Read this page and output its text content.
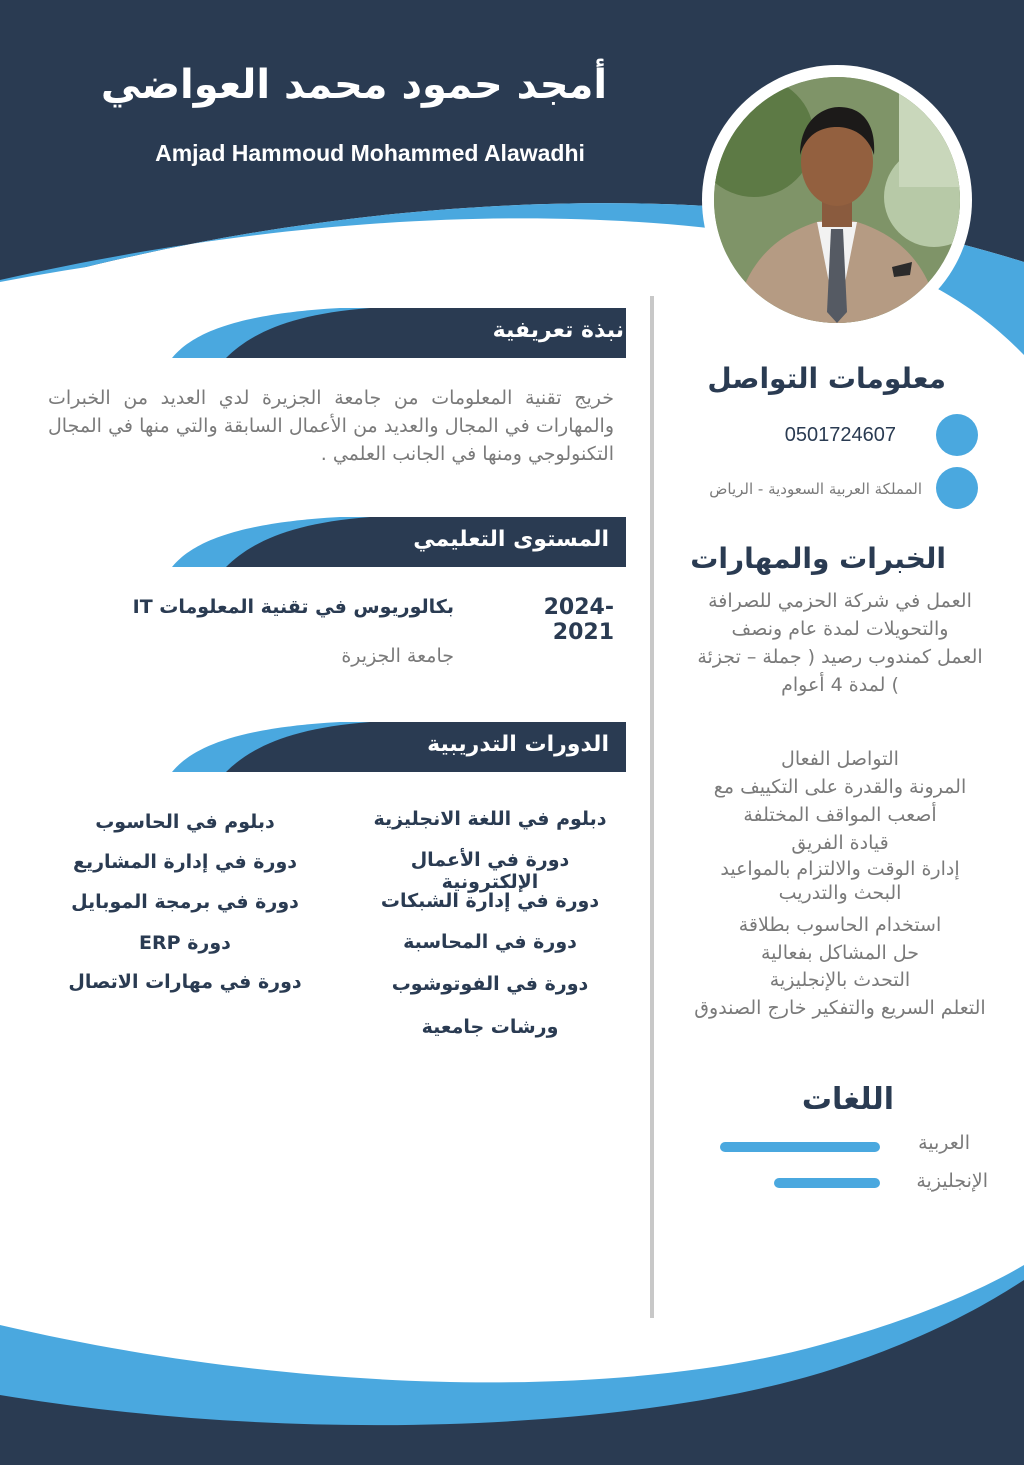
أمجد حمود محمد العواضي
Amjad Hammoud Mohammed Alawadhi
نبذة تعريفية
خريج تقنية المعلومات من جامعة الجزيرة لدي العديد من الخبرات والمهارات في المجال والعديد من الأعمال السابقة والتي منها في المجال التكنولوجي ومنها في الجانب العلمي .
المستوى التعليمي
2024-2021
بكالوريوس في تقنية المعلومات IT
جامعة الجزيرة
الدورات التدريبية
دبلوم في اللغة الانجليزية
دورة في الأعمال الإلكترونية
دورة في إدارة الشبكات
دورة في المحاسبة
دورة في الفوتوشوب
ورشات جامعية
دبلوم في الحاسوب
دورة في إدارة المشاريع
دورة في برمجة الموبايل
دورة ERP
دورة في مهارات الاتصال
معلومات التواصل
0501724607
المملكة العربية السعودية - الرياض
الخبرات والمهارات
العمل في شركة الحزمي للصرافة
والتحويلات لمدة عام ونصف
العمل كمندوب رصيد ( جملة – تجزئة
) لمدة 4 أعوام
التواصل الفعال
المرونة والقدرة على التكييف مع
أصعب المواقف المختلفة
قيادة الفريق
إدارة الوقت والالتزام بالمواعيد
البحث والتدريب
استخدام الحاسوب بطلاقة
حل المشاكل بفعالية
التحدث بالإنجليزية
التعلم السريع والتفكير خارج الصندوق
اللغات
العربية
الإنجليزية
